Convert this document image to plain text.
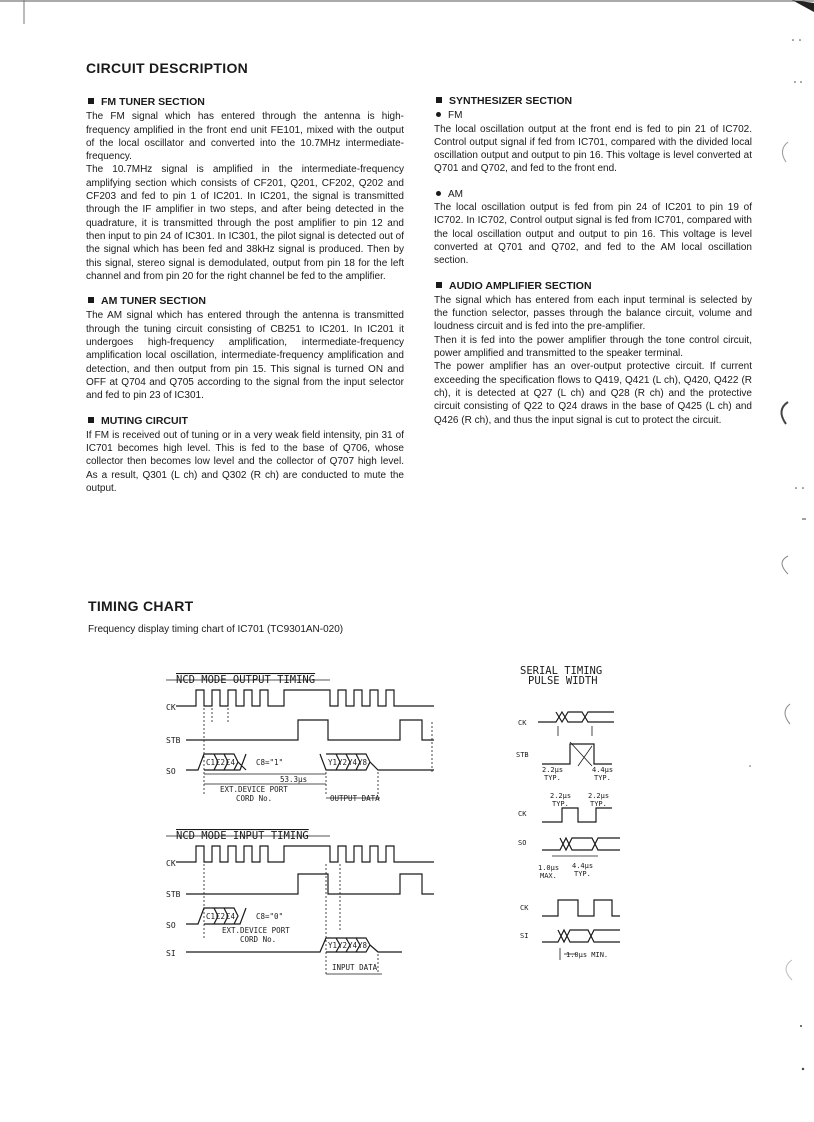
CIRCUIT DESCRIPTION
FM TUNER SECTION

The FM signal which has entered through the antenna is high-frequency amplified in the front end unit FE101, mixed with the output of the local oscillator and converted into the 10.7MHz intermediate-frequency.

The 10.7MHz signal is amplified in the intermediate-frequency amplifying section which consists of CF201, Q201, CF202, Q202 and CF203 and fed to pin 1 of IC201. In IC201, the signal is transmitted through the IF amplifier in two steps, and after being detected in the quadrature, it is transmitted through the post amplifier to pin 12 and then input to pin 24 of IC301. In IC301, the pilot signal is detected out of the signal which has been fed and 38kHz signal is produced. Then by this signal, stereo signal is demodulated, output from pin 18 for the left channel and from pin 20 for the right channel be fed to the amplifier.

AM TUNER SECTION

The AM signal which has entered through the antenna is transmitted through the tuning circuit consisting of CB251 to IC201. In IC201 it undergoes high-frequency amplification, intermediate-frequency amplification local oscillation, intermediate-frequency amplification and detection, and then output from pin 15. This signal is turned ON and OFF at Q704 and Q705 according to the signal from the input selector and fed to pin 23 of IC301.

MUTING CIRCUIT

If FM is received out of tuning or in a very weak field intensity, pin 31 of IC701 becomes high level. This is fed to the base of Q706, whose collector then becomes low level and the collector of Q707 high level. As a result, Q301 (L ch) and Q302 (R ch) are conducted to mute the output.

SYNTHESIZER SECTION
FM

The local oscillation output at the front end is fed to pin 21 of IC702. Control output signal if fed from IC701, compared with the divided local oscillation output and output to pin 16. This voltage is level converted at Q701 and Q702, and fed to the front end.

AM

The local oscillation output is fed from pin 24 of IC201 to pin 19 of IC702. In IC702, Control output signal is fed from IC701, compared with the local oscillation output and output to pin 16. This voltage is level converted at Q701 and Q702, and fed to the AM local oscillation section.

AUDIO AMPLIFIER SECTION

The signal which has entered from each input terminal is selected by the function selector, passes through the balance circuit, volume and loudness circuit and is fed into the pre-amplifier.

Then it is fed into the power amplifier through the tone control circuit, power amplified and transmitted to the speaker terminal.

The power amplifier has an over-output protective circuit. If current exceeding the specification flows to Q419, Q421 (L ch), Q420, Q422 (R ch), it is detected at Q27 (L ch) and Q28 (R ch) and the protective circuit consisting of Q22 to Q24 draws in the base of Q425 (L ch) and Q426 (R ch), and thus the input signal is cut to protect the circuit.

TIMING CHART
Frequency display timing chart of IC701 (TC9301AN-020)
NCD MODE OUTPUT TIMING
CK
STB
SO
C1 C2 C4	C8="1"	Y1 Y2 Y4 Y8
53.3μs
EXT.DEVICE PORT
CORD No.	OUTPUT DATA
NCD MODE INPUT TIMING
CK
STB
SO
SI
C1 C2 C4	C8="0"
Y1 Y2 Y4 Y8
EXT.DEVICE PORT
CORD No.
INPUT DATA
SERIAL TIMING
PULSE WIDTH
CK
STB
2.2μs
TYP.
4.4μs
TYP.
2.2μs
TYP.
2.2μs
TYP.
CK
SO
1.0μs
MAX.
4.4μs
TYP.
CK
SI
1.0μs MIN.
